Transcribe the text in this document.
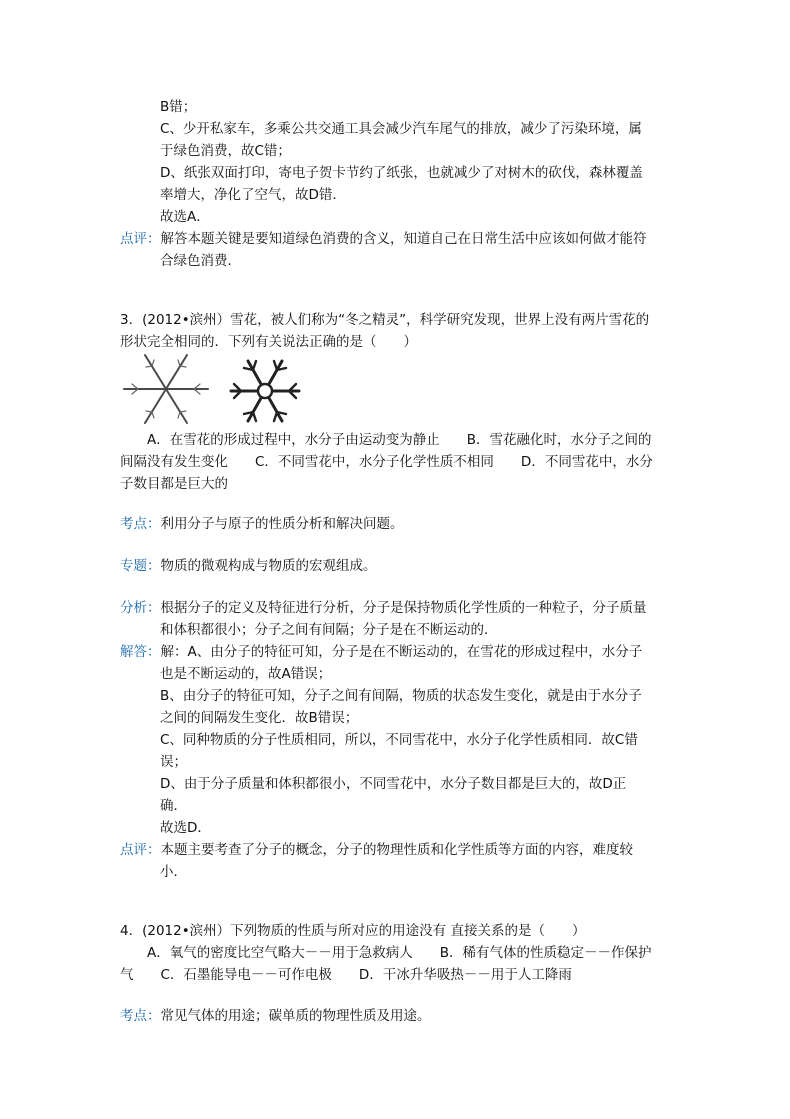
B错；
C、少开私家车，多乘公共交通工具会减少汽车尾气的排放，减少了污染环境，属
于绿色消费，故C错；
D、纸张双面打印，寄电子贺卡节约了纸张，也就减少了对树木的砍伐，森林覆盖
率增大，净化了空气，故D错．
故选A．
点评：解答本题关键是要知道绿色消费的含义，知道自己在日常生活中应该如何做才能符
合绿色消费．
3．(2012•滨州）雪花，被人们称为“冬之精灵”，科学研究发现，世界上没有两片雪花的
形状完全相同的．下列有关说法正确的是（　　）
A．在雪花的形成过程中，水分子由运动变为静止　　B．雪花融化时，水分子之间的
间隔没有发生变化　　C．不同雪花中，水分子化学性质不相同　　D．不同雪花中，水分
子数目都是巨大的
考点：利用分子与原子的性质分析和解决问题。
专题：物质的微观构成与物质的宏观组成。
分析：根据分子的定义及特征进行分析，分子是保持物质化学性质的一种粒子，分子质量
和体积都很小；分子之间有间隔；分子是在不断运动的．
解答：解：A、由分子的特征可知，分子是在不断运动的，在雪花的形成过程中，水分子
也是不断运动的，故A错误；
B、由分子的特征可知，分子之间有间隔，物质的状态发生变化，就是由于水分子
之间的间隔发生变化．故B错误；
C、同种物质的分子性质相同，所以，不同雪花中，水分子化学性质相同．故C错
误；
D、由于分子质量和体积都很小，不同雪花中，水分子数目都是巨大的，故D正
确．
故选D．
点评：本题主要考查了分子的概念，分子的物理性质和化学性质等方面的内容，难度较
小．
4．(2012•滨州）下列物质的性质与所对应的用途没有 直接关系的是（　　）
A．氧气的密度比空气略大－－用于急救病人　　B．稀有气体的性质稳定－－作保护
气　　C．石墨能导电－－可作电极　　D．干冰升华吸热－－用于人工降雨
考点：常见气体的用途；碳单质的物理性质及用途。
